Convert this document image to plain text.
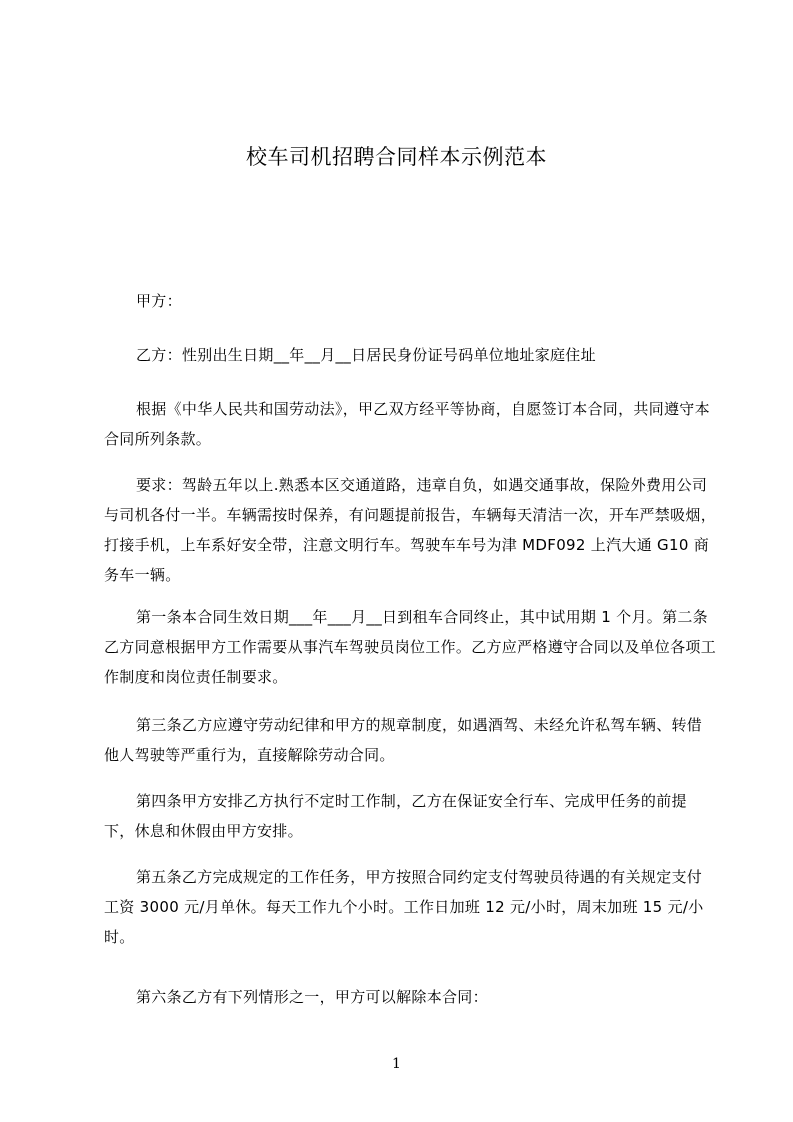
校车司机招聘合同样本示例范本

甲方：

乙方：性别出生日期__年__月__日居民身份证号码单位地址家庭住址

根据《中华人民共和国劳动法》，甲乙双方经平等协商，自愿签订本合同，共同遵守本合同所列条款。

要求：驾龄五年以上.熟悉本区交通道路，违章自负，如遇交通事故，保险外费用公司与司机各付一半。车辆需按时保养，有问题提前报告，车辆每天清洁一次，开车严禁吸烟，打接手机，上车系好安全带，注意文明行车。驾驶车车号为津 MDF092 上汽大通 G10 商务车一辆。

第一条本合同生效日期___年___月__日到租车合同终止，其中试用期 1 个月。第二条乙方同意根据甲方工作需要从事汽车驾驶员岗位工作。乙方应严格遵守合同以及单位各项工作制度和岗位责任制要求。

第三条乙方应遵守劳动纪律和甲方的规章制度，如遇酒驾、未经允许私驾车辆、转借他人驾驶等严重行为，直接解除劳动合同。

第四条甲方安排乙方执行不定时工作制，乙方在保证安全行车、完成甲任务的前提下，休息和休假由甲方安排。

第五条乙方完成规定的工作任务，甲方按照合同约定支付驾驶员待遇的有关规定支付工资 3000 元/月单休。每天工作九个小时。工作日加班 12 元/小时，周末加班 15 元/小时。

第六条乙方有下列情形之一，甲方可以解除本合同：

1
